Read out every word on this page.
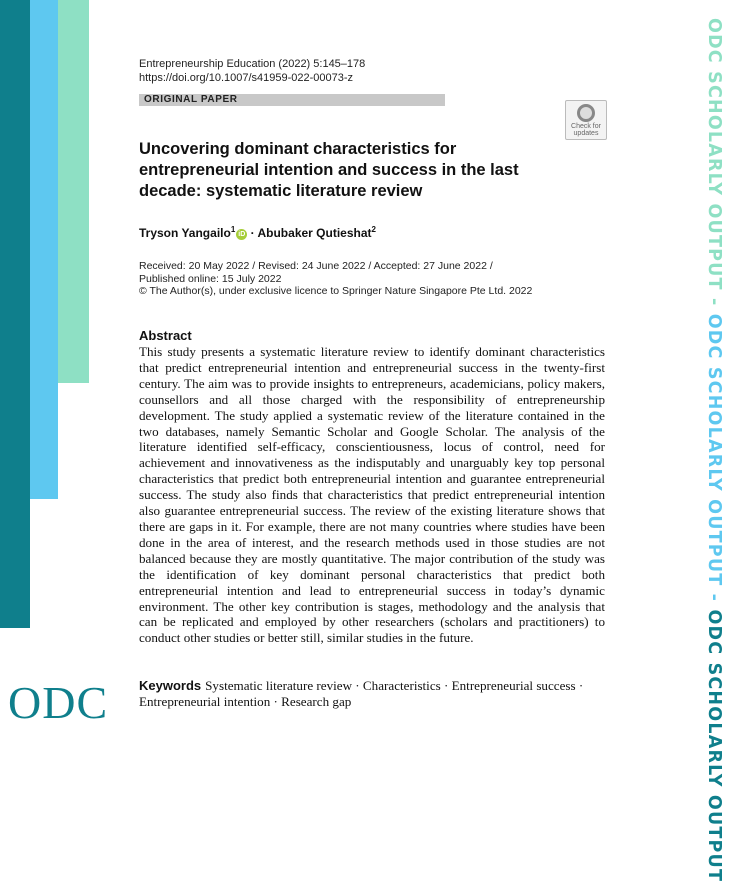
ODC
ODC SCHOLARLY OUTPUT - ODC SCHOLARLY OUTPUT - ODC SCHOLARLY OUTPUT
Entrepreneurship Education (2022) 5:145–178
https://doi.org/10.1007/s41959-022-00073-z
ORIGINAL PAPER
Check for
updates
Uncovering dominant characteristics for entrepreneurial intention and success in the last decade: systematic literature review
Tryson Yangailo$^1$iD · Abubaker Qutieshat$^2$
Received: 20 May 2022 / Revised: 24 June 2022 / Accepted: 27 June 2022 /
Published online: 15 July 2022
© The Author(s), under exclusive licence to Springer Nature Singapore Pte Ltd. 2022
Abstract
This study presents a systematic literature review to identify dominant characteristics that predict entrepreneurial intention and entrepreneurial success in the twenty-first century. The aim was to provide insights to entrepreneurs, academicians, policy makers, counsellors and all those charged with the responsibility of entrepreneurship development. The study applied a systematic review of the literature contained in the two databases, namely Semantic Scholar and Google Scholar. The analysis of the literature identified self-efficacy, conscientiousness, locus of control, need for achievement and innovativeness as the indisputably and unarguably key top personal characteristics that predict both entrepreneurial intention and guarantee entrepreneurial success. The study also finds that characteristics that predict entrepreneurial intention also guarantee entrepreneurial success. The review of the existing literature shows that there are gaps in it. For example, there are not many countries where studies have been done in the area of interest, and the research methods used in those studies are not balanced because they are mostly quantitative. The major contribution of the study was the identification of key dominant personal characteristics that predict both entrepreneurial intention and lead to entrepreneurial success in today’s dynamic environment. The other key contribution is stages, methodology and the analysis that can be replicated and employed by other researchers (scholars and practitioners) to conduct other studies or better still, similar studies in the future.
Keywords Systematic literature review · Characteristics · Entrepreneurial success · Entrepreneurial intention · Research gap
